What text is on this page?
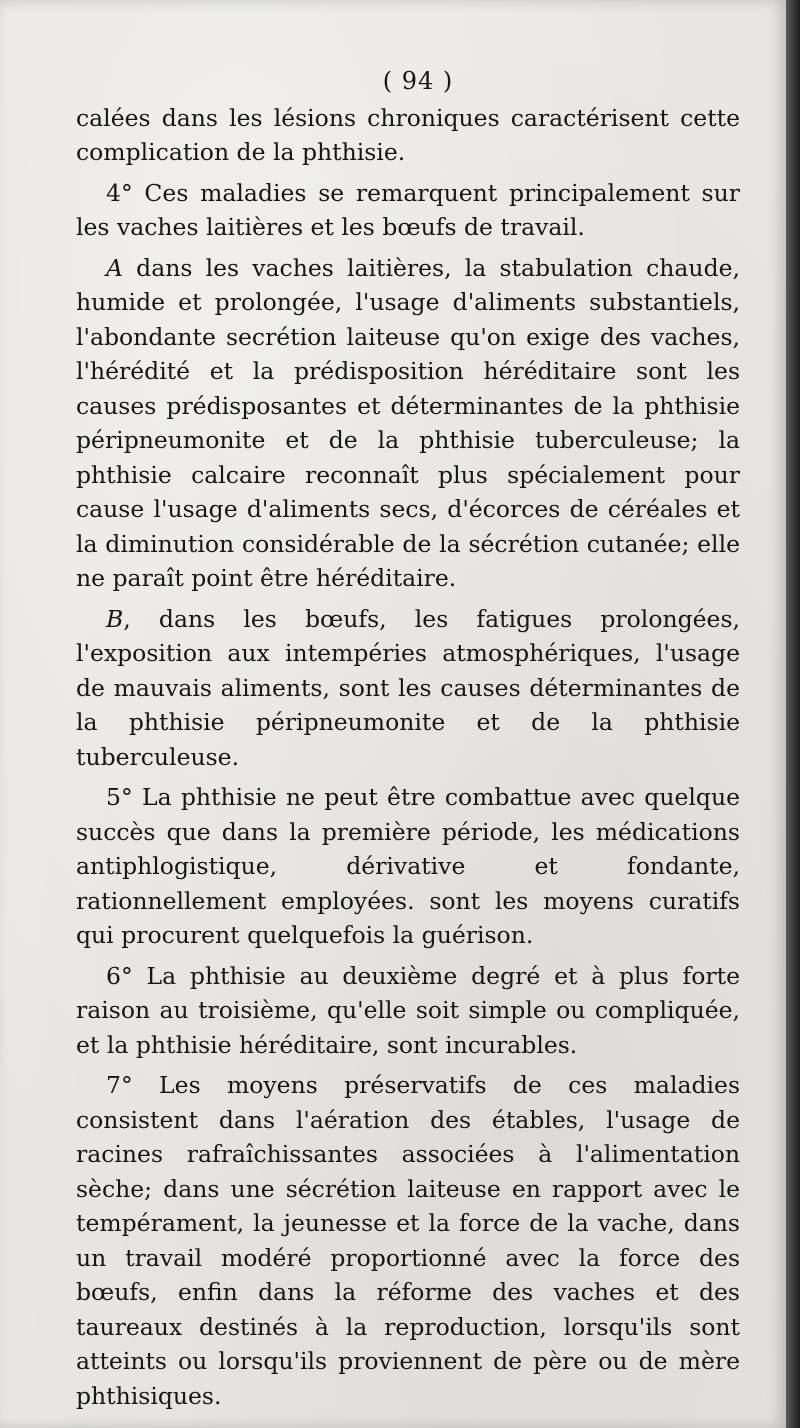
( 94 )

calées dans les lésions chroniques caractérisent cette complication de la phthisie.

4° Ces maladies se remarquent principalement sur les vaches laitières et les bœufs de travail.

A dans les vaches laitières, la stabulation chaude, humide et prolongée, l'usage d'aliments substantiels, l'abondante secrétion laiteuse qu'on exige des vaches, l'hérédité et la prédisposition héréditaire sont les causes prédisposantes et déterminantes de la phthisie péripneumonite et de la phthisie tuberculeuse; la phthisie calcaire reconnaît plus spécialement pour cause l'usage d'aliments secs, d'écorces de céréales et la diminution considérable de la sécrétion cutanée; elle ne paraît point être héréditaire.

B, dans les bœufs, les fatigues prolongées, l'exposition aux intempéries atmosphériques, l'usage de mauvais aliments, sont les causes déterminantes de la phthisie péripneumonite et de la phthisie tuberculeuse.

5° La phthisie ne peut être combattue avec quelque succès que dans la première période, les médications antiphlogistique, dérivative et fondante, rationnellement employées. sont les moyens curatifs qui procurent quelquefois la guérison.

6° La phthisie au deuxième degré et à plus forte raison au troisième, qu'elle soit simple ou compliquée, et la phthisie héréditaire, sont incurables.

7° Les moyens préservatifs de ces maladies consistent dans l'aération des étables, l'usage de racines rafraîchissantes associées à l'alimentation sèche; dans une sécrétion laiteuse en rapport avec le tempérament, la jeunesse et la force de la vache, dans un travail modéré proportionné avec la force des bœufs, enfin dans la réforme des vaches et des taureaux destinés à la reproduction, lorsqu'ils sont atteints ou lorsqu'ils proviennent de père ou de mère phthisiques.
